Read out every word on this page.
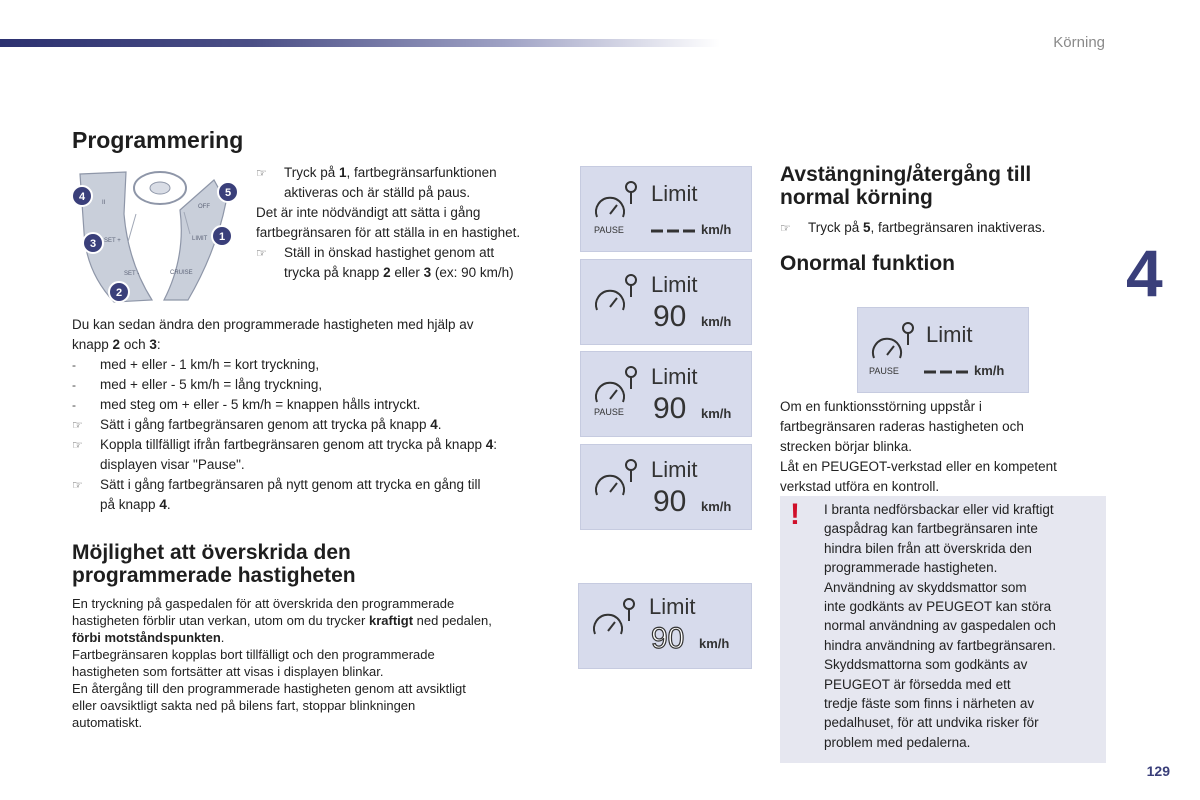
Körning
4
129
Programmering
II
OFF
SET +	LIMIT
SET -	CRUISE
4	5
3
1
2
☞ Tryck på 1, fartbegränsarfunktionen
aktiveras och är ställd på paus.
Det är inte nödvändigt att sätta i gång
fartbegränsaren för att ställa in en hastighet.
☞ Ställ in önskad hastighet genom att
trycka på knapp 2 eller 3 (ex: 90 km/h)
Du kan sedan ändra den programmerade hastigheten med hjälp av
knapp 2 och 3:
- med + eller - 1 km/h = kort tryckning,
- med + eller - 5 km/h = lång tryckning,
- med steg om + eller - 5 km/h = knappen hålls intryckt.
☞ Sätt i gång fartbegränsaren genom att trycka på knapp 4.
☞ Koppla tillfälligt ifrån fartbegränsaren genom att trycka på knapp 4:
displayen visar "Pause".
☞ Sätt i gång fartbegränsaren på nytt genom att trycka en gång till
på knapp 4.
Möjlighet att överskrida den
programmerade hastigheten
En tryckning på gaspedalen för att överskrida den programmerade
hastigheten förblir utan verkan, utom om du trycker kraftigt ned pedalen,
förbi motståndspunkten.
Fartbegränsaren kopplas bort tillfälligt och den programmerade
hastigheten som fortsätter att visas i displayen blinkar.
En återgång till den programmerade hastigheten genom att avsiktligt
eller oavsiktligt sakta ned på bilens fart, stoppar blinkningen
automatiskt.
PAUSE
Limit
km/h
Limit
90 km/h
PAUSE
Limit
90 km/h
Limit
90 km/h
Limit
90 km/h
Avstängning/återgång till
normal körning
☞ Tryck på 5, fartbegränsaren inaktiveras.
Onormal funktion
PAUSE
Limit
km/h
Om en funktionsstörning uppstår i
fartbegränsaren raderas hastigheten och
strecken börjar blinka.
Låt en PEUGEOT-verkstad eller en kompetent
verkstad utföra en kontroll.
! I branta nedförsbackar eller vid kraftigt
gaspådrag kan fartbegränsaren inte
hindra bilen från att överskrida den
programmerade hastigheten.
Användning av skyddsmattor som
inte godkänts av PEUGEOT kan störa
normal användning av gaspedalen och
hindra användning av fartbegränsaren.
Skyddsmattorna som godkänts av
PEUGEOT är försedda med ett
tredje fäste som finns i närheten av
pedalhuset, för att undvika risker för
problem med pedalerna.
